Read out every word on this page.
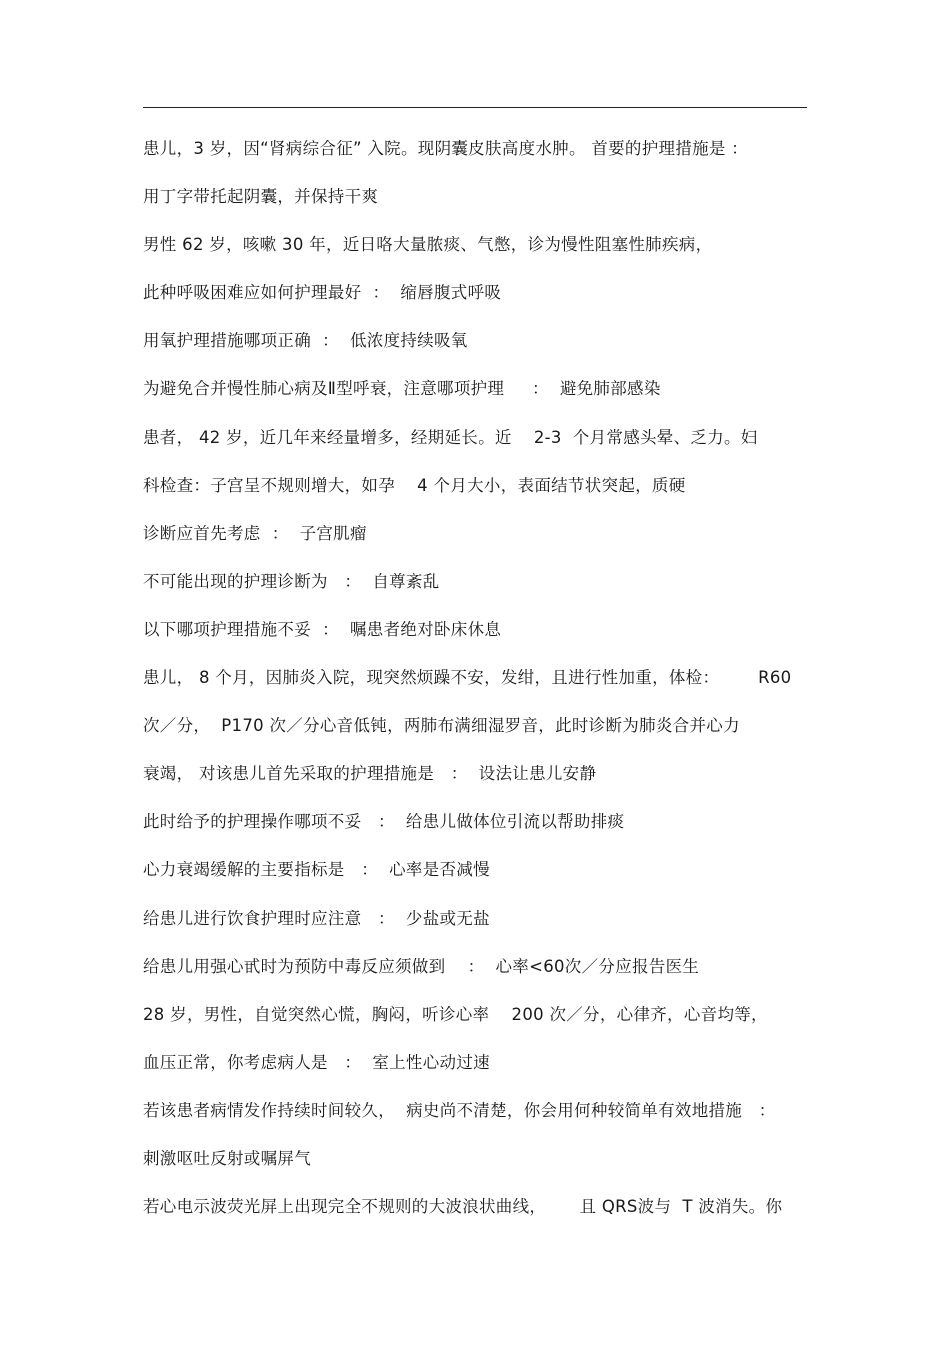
患儿，3 岁，因“肾病综合征” 入院。现阴囊皮肤高度水肿。 首要的护理措施是 ：
用丁字带托起阴囊，并保持干爽
男性 62 岁，咳嗽 30 年，近日咯大量脓痰、气憋，诊为慢性阻塞性肺疾病，
此种呼吸困难应如何护理最好  ：  缩唇腹式呼吸
用氧护理措施哪项正确  ：  低浓度持续吸氧
为避免合并慢性肺心病及Ⅱ型呼衰，注意哪项护理     ：  避免肺部感染
患者， 42 岁，近几年来经量增多，经期延长。近    2-3  个月常感头晕、乏力。妇
科检查：子宫呈不规则增大，如孕    4 个月大小，表面结节状突起，质硬
诊断应首先考虑  ：  子宫肌瘤
不可能出现的护理诊断为   ：  自尊紊乱
以下哪项护理措施不妥  ：  嘱患者绝对卧床休息
患儿， 8 个月，因肺炎入院，现突然烦躁不安，发绀，且进行性加重，体检：       R60
次／分，  P170 次／分心音低钝，两肺布满细湿罗音，此时诊断为肺炎合并心力
衰竭， 对该患儿首先采取的护理措施是   ：  设法让患儿安静
此时给予的护理操作哪项不妥   ：  给患儿做体位引流以帮助排痰
心力衰竭缓解的主要指标是   ：  心率是否减慢
给患儿进行饮食护理时应注意   ：  少盐或无盐
给患儿用强心甙时为预防中毒反应须做到    ：  心率<60次／分应报告医生
28 岁，男性，自觉突然心慌，胸闷，听诊心率    200 次／分，心律齐，心音均等，
血压正常，你考虑病人是   ：  室上性心动过速
若该患者病情发作持续时间较久，  病史尚不清楚，你会用何种较简单有效地措施   ：
刺激呕吐反射或嘱屏气
若心电示波荧光屏上出现完全不规则的大波浪状曲线，      且 QRS波与  T 波消失。你
